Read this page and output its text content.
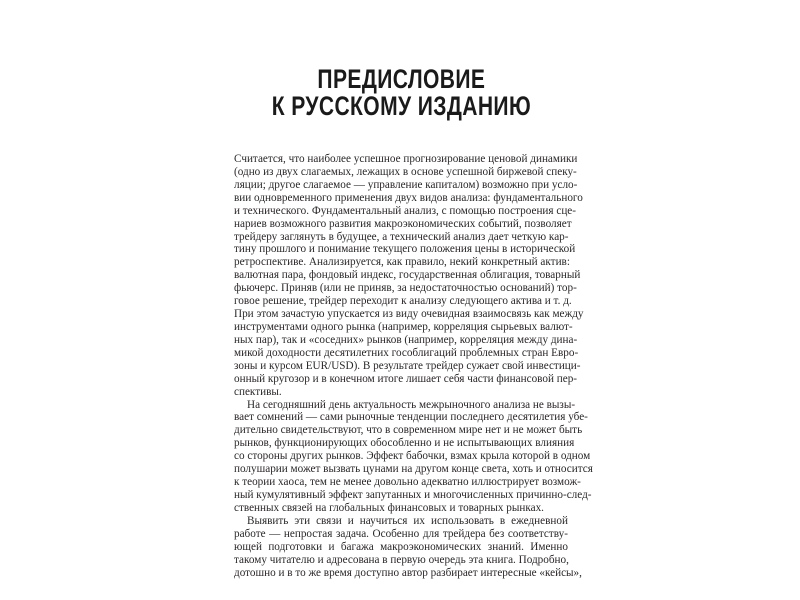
ПРЕДИСЛОВИЕ
К РУССКОМУ ИЗДАНИЮ
Считается, что наиболее успешное прогнозирование ценовой динамики
(одно из двух слагаемых, лежащих в основе успешной биржевой спеку-
ляции; другое слагаемое — управление капиталом) возможно при усло-
вии одновременного применения двух видов анализа: фундаментального
и технического. Фундаментальный анализ, с помощью построения сце-
нариев возможного развития макроэкономических событий, позволяет
трейдеру заглянуть в будущее, а технический анализ дает четкую кар-
тину прошлого и понимание текущего положения цены в исторической
ретроспективе. Анализируется, как правило, некий конкретный актив:
валютная пара, фондовый индекс, государственная облигация, товарный
фьючерс. Приняв (или не приняв, за недостаточностью оснований) тор-
говое решение, трейдер переходит к анализу следующего актива и т. д.
При этом зачастую упускается из виду очевидная взаимосвязь как между
инструментами одного рынка (например, корреляция сырьевых валют-
ных пар), так и «соседних» рынков (например, корреляция между дина-
микой доходности десятилетних гособлигаций проблемных стран Евро-
зоны и курсом EUR/USD). В результате трейдер сужает свой инвестици-
онный кругозор и в конечном итоге лишает себя части финансовой пер-
спективы.
На сегодняшний день актуальность межрыночного анализа не вызы-
вает сомнений — сами рыночные тенденции последнего десятилетия убе-
дительно свидетельствуют, что в современном мире нет и не может быть
рынков, функционирующих обособленно и не испытывающих влияния
со стороны других рынков. Эффект бабочки, взмах крыла которой в одном
полушарии может вызвать цунами на другом конце света, хоть и относится
к теории хаоса, тем не менее довольно адекватно иллюстрирует возмож-
ный кумулятивный эффект запутанных и многочисленных причинно-след-
ственных связей на глобальных финансовых и товарных рынках.
Выявить эти связи и научиться их использовать в ежедневной
работе — непростая задача. Особенно для трейдера без соответству-
ющей подготовки и багажа макроэкономических знаний. Именно
такому читателю и адресована в первую очередь эта книга. Подробно,
дотошно и в то же время доступно автор разбирает интересные «кейсы»,
